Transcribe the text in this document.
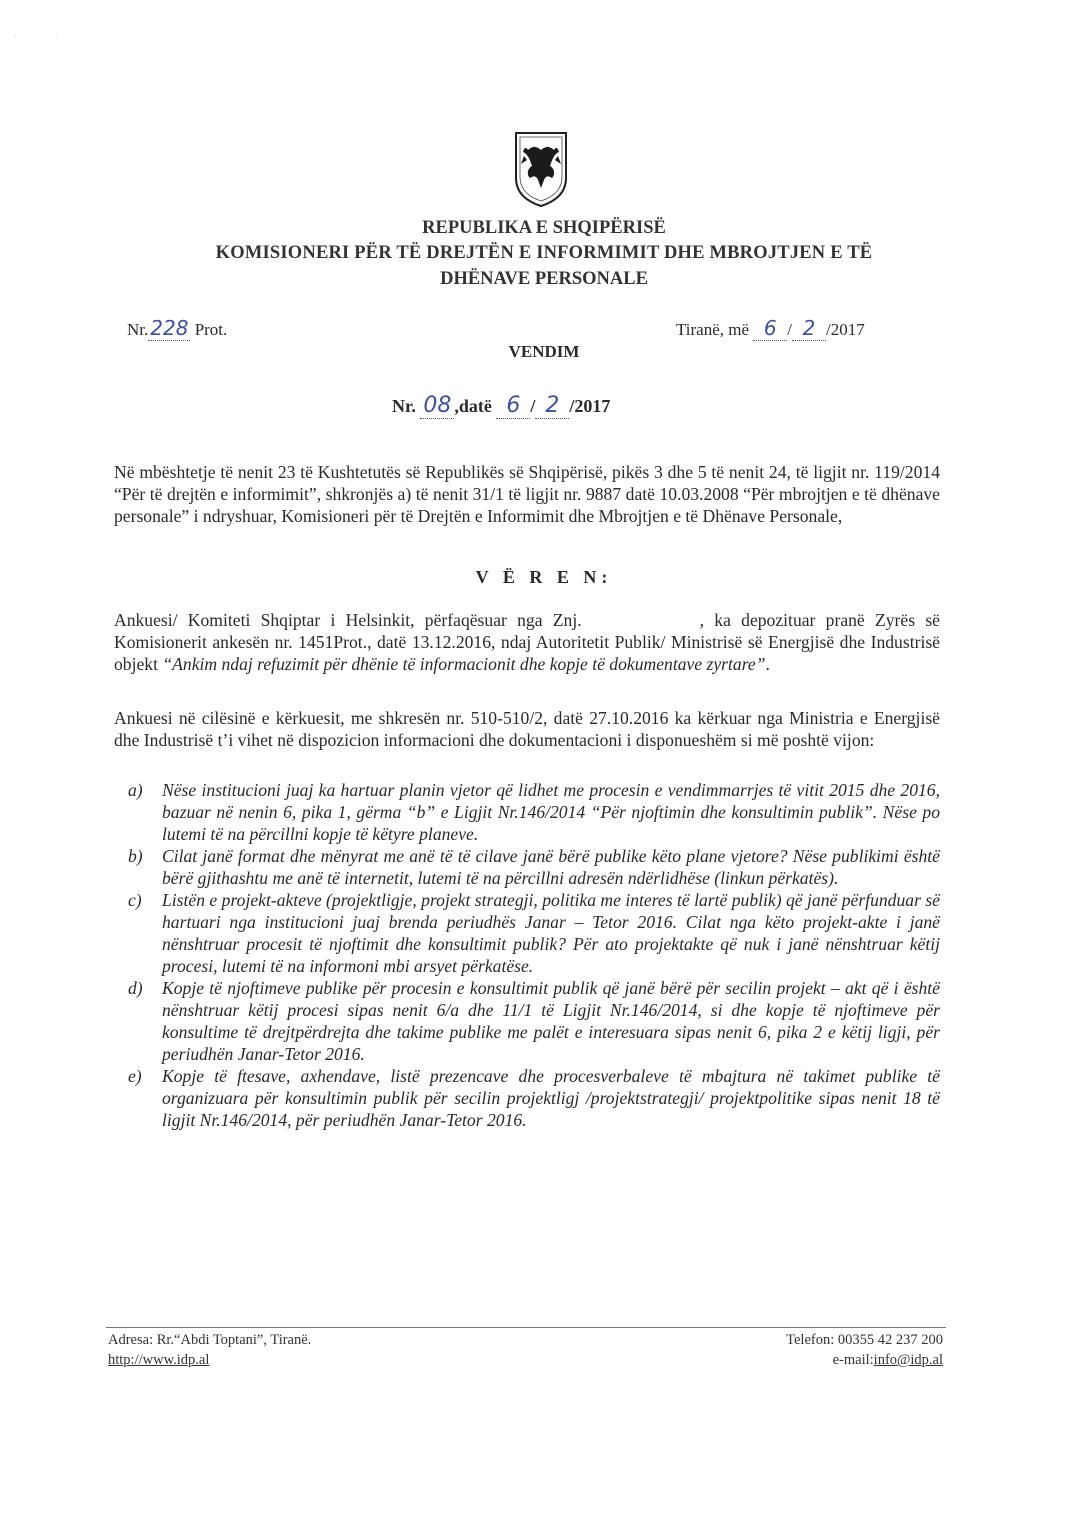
· ·
REPUBLIKA E SHQIPËRISË
KOMISIONERI PËR TË DREJTËN E INFORMIMIT DHE MBROJTJEN E TË
DHËNAVE PERSONALE
Nr. 228 Prot.	Tiranë, më 6 / 2 /2017
VENDIM
Nr. 08 ,datë 6 / 2 /2017
Në mbështetje të nenit 23 të Kushtetutës së Republikës së Shqipërisë, pikës 3 dhe 5 të nenit 24, të ligjit nr. 119/2014 “Për të drejtën e informimit”, shkronjës a) të nenit 31/1 të ligjit nr. 9887 datë 10.03.2008 “Për mbrojtjen e të dhënave personale” i ndryshuar, Komisioneri për të Drejtën e Informimit dhe Mbrojtjen e të Dhënave Personale,
V Ë R E N:
Ankuesi/ Komiteti Shqiptar i Helsinkit, përfaqësuar nga Znj.	, ka depozituar pranë Zyrës së Komisionerit ankesën nr. 1451Prot., datë 13.12.2016, ndaj Autoritetit Publik/ Ministrisë së Energjisë dhe Industrisë objekt “Ankim ndaj refuzimit për dhënie të informacionit dhe kopje të dokumentave zyrtare”.
Ankuesi në cilësinë e kërkuesit, me shkresën nr. 510-510/2, datë 27.10.2016 ka kërkuar nga Ministria e Energjisë dhe Industrisë t’i vihet në dispozicion informacioni dhe dokumentacioni i disponueshëm si më poshtë vijon:
a) Nëse institucioni juaj ka hartuar planin vjetor që lidhet me procesin e vendimmarrjes të vitit 2015 dhe 2016, bazuar në nenin 6, pika 1, gërma “b” e Ligjit Nr.146/2014 “Për njoftimin dhe konsultimin publik”. Nëse po lutemi të na përcillni kopje të këtyre planeve.
b) Cilat janë format dhe mënyrat me anë të të cilave janë bërë publike këto plane vjetore? Nëse publikimi është bërë gjithashtu me anë të internetit, lutemi të na përcillni adresën ndërlidhëse (linkun përkatës).
c) Listën e projekt-akteve (projektligje, projekt strategji, politika me interes të lartë publik) që janë përfunduar së hartuari nga institucioni juaj brenda periudhës Janar – Tetor 2016. Cilat nga këto projekt-akte i janë nënshtruar procesit të njoftimit dhe konsultimit publik? Për ato projektakte që nuk i janë nënshtruar këtij procesi, lutemi të na informoni mbi arsyet përkatëse.
d) Kopje të njoftimeve publike për procesin e konsultimit publik që janë bërë për secilin projekt – akt që i është nënshtruar këtij procesi sipas nenit 6/a dhe 11/1 të Ligjit Nr.146/2014, si dhe kopje të njoftimeve për konsultime të drejtpërdrejta dhe takime publike me palët e interesuara sipas nenit 6, pika 2 e këtij ligji, për periudhën Janar-Tetor 2016.
e) Kopje të ftesave, axhendave, listë prezencave dhe procesverbaleve të mbajtura në takimet publike të organizuara për konsultimin publik për secilin projektligj /projektstrategji/ projektpolitike sipas nenit 18 të ligjit Nr.146/2014, për periudhën Janar-Tetor 2016.
Adresa: Rr.“Abdi Toptani”, Tiranë.
http://www.idp.al
Telefon: 00355 42 237 200
e-mail:info@idp.al
